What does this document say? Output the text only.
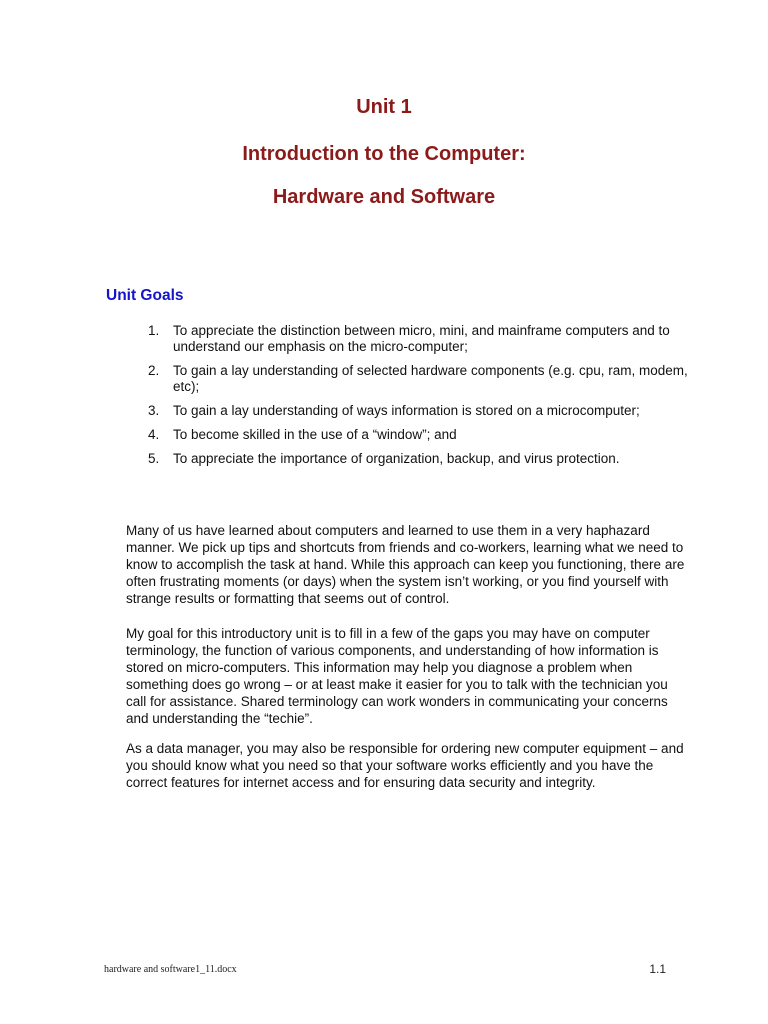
Unit 1
Introduction to the Computer:
Hardware and Software
Unit Goals
1. To appreciate the distinction between micro, mini, and mainframe computers and to understand our emphasis on the micro-computer;
2. To gain a lay understanding of selected hardware components (e.g. cpu, ram, modem, etc);
3. To gain a lay understanding of ways information is stored on a microcomputer;
4. To become skilled in the use of a “window”; and
5. To appreciate the importance of organization, backup, and virus protection.

Many of us have learned about computers and learned to use them in a very haphazard manner. We pick up tips and shortcuts from friends and co-workers, learning what we need to know to accomplish the task at hand. While this approach can keep you functioning, there are often frustrating moments (or days) when the system isn’t working, or you find yourself with strange results or formatting that seems out of control.

My goal for this introductory unit is to fill in a few of the gaps you may have on computer terminology, the function of various components, and understanding of how information is stored on micro-computers. This information may help you diagnose a problem when something does go wrong – or at least make it easier for you to talk with the technician you call for assistance. Shared terminology can work wonders in communicating your concerns and understanding the “techie”.

As a data manager, you may also be responsible for ordering new computer equipment – and you should know what you need so that your software works efficiently and you have the correct features for internet access and for ensuring data security and integrity.

hardware and software1_11.docx	1.1
